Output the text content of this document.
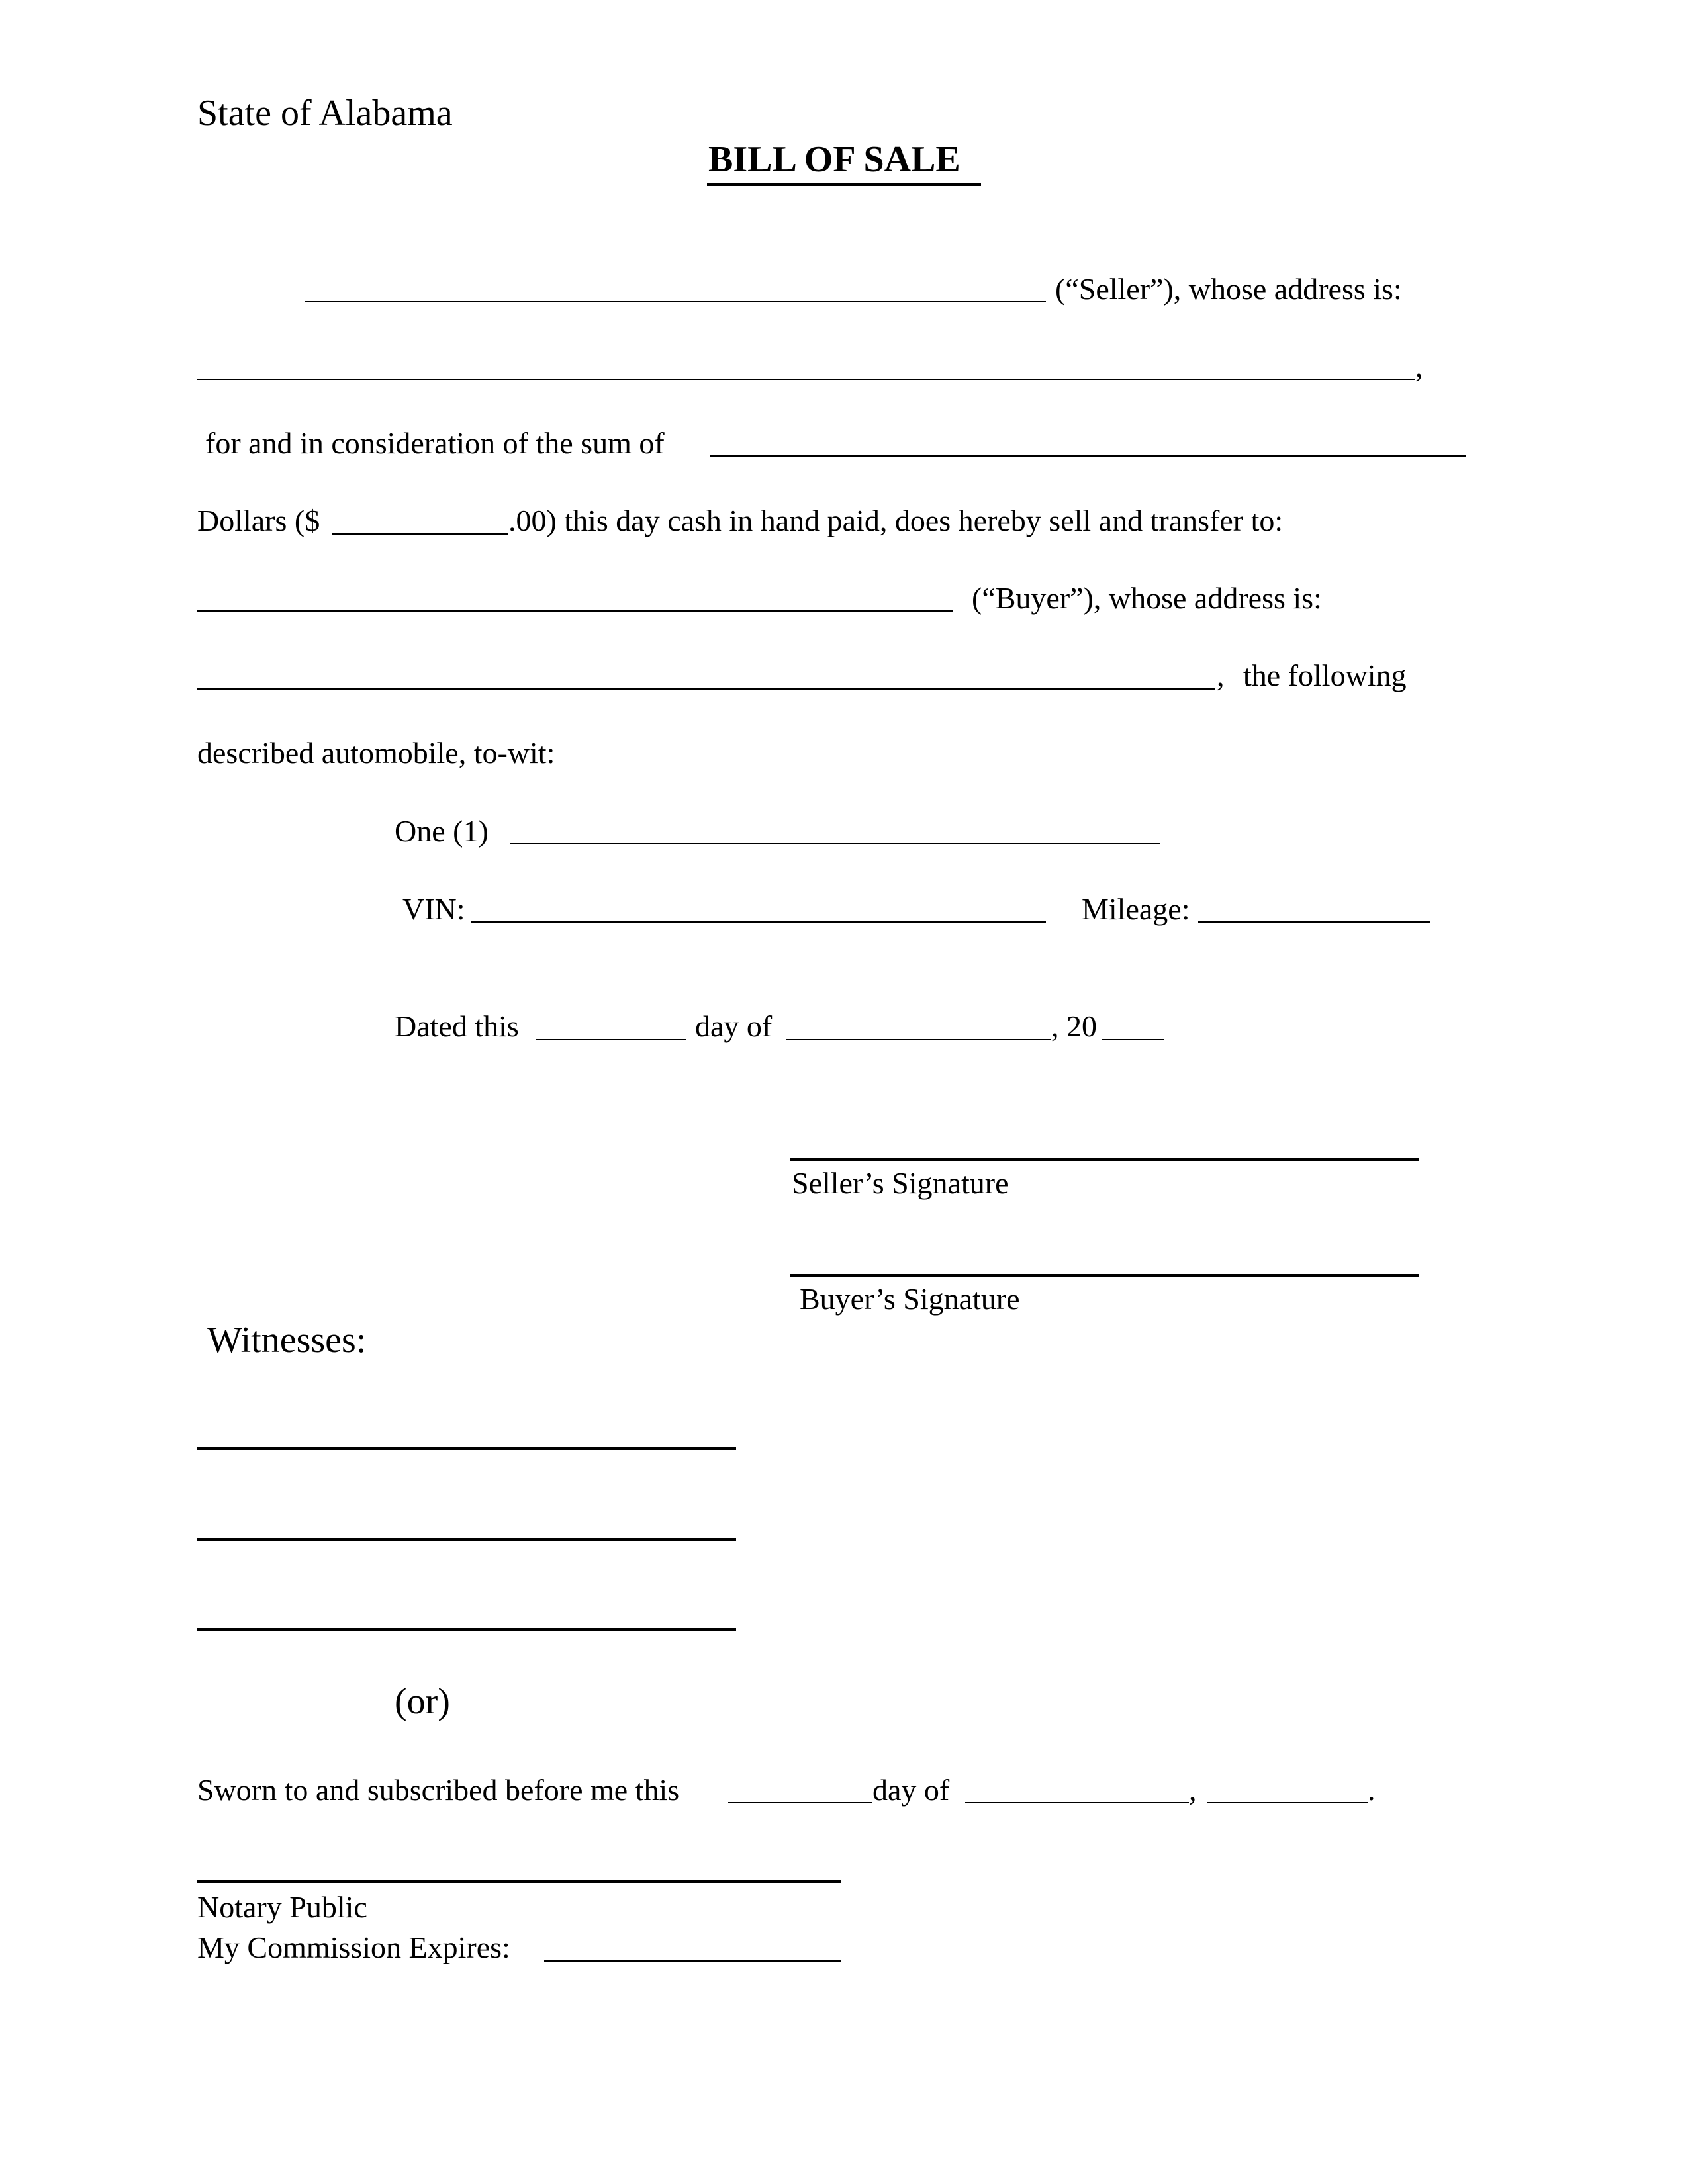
State of Alabama
BILL OF SALE
(“Seller”), whose address is:
,
for and in consideration of the sum of
Dollars ($	.00) this day cash in hand paid, does hereby sell and transfer to:
(“Buyer”), whose address is:
, the following
described automobile, to-wit:
One (1)
VIN:	Mileage:
Dated this	day of	, 20
Seller’s Signature
Buyer’s Signature
Witnesses:
(or)
Sworn to and subscribed before me this	day of	,	.
Notary Public
My Commission Expires:
